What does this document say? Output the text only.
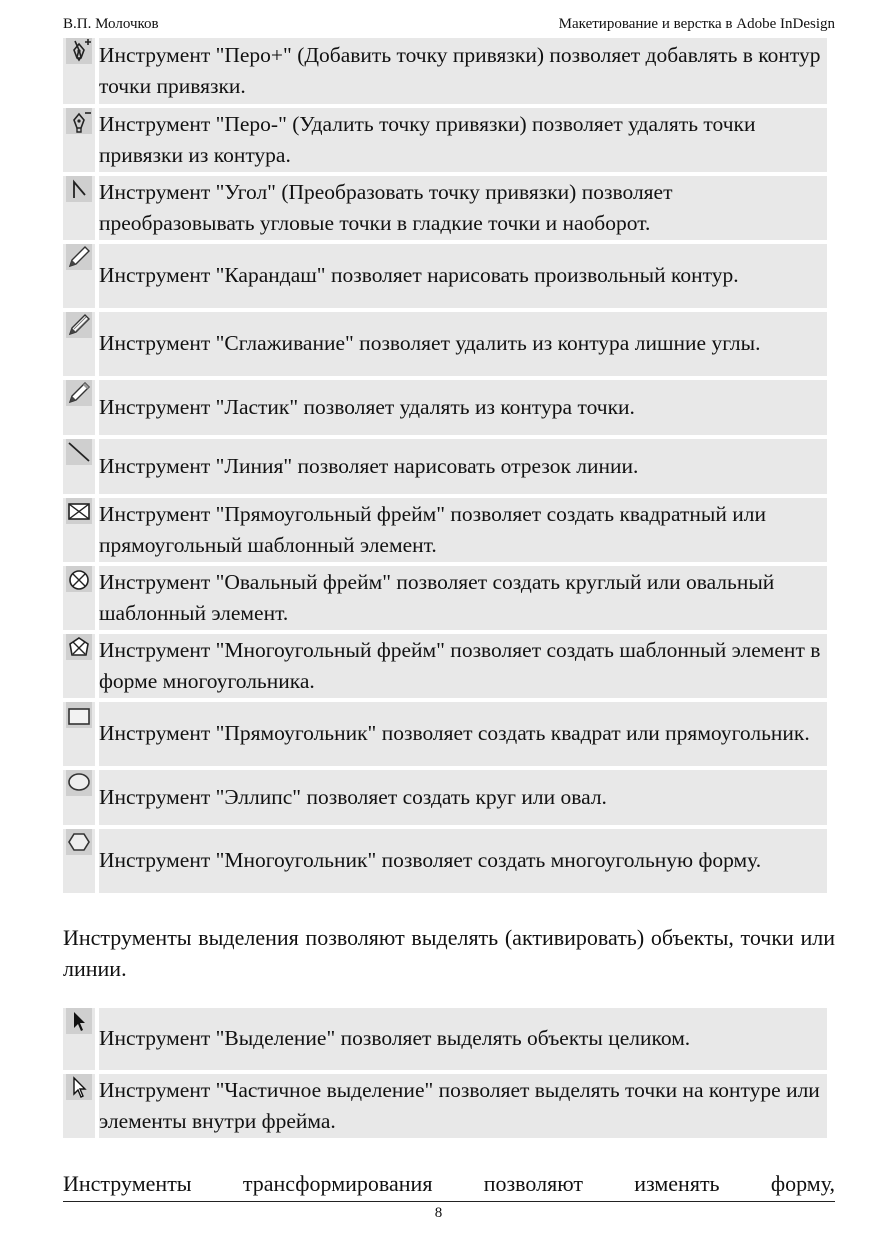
В.П. Молочков	Макетирование и верстка в Adobe InDesign
	Инструмент "Перо+" (Добавить точку привязки) позволяет добавлять в контур точки привязки.

	Инструмент "Перо-" (Удалить точку привязки) позволяет удалять точки привязки из контура.

	Инструмент "Угол" (Преобразовать точку привязки) позволяет преобразовывать угловые точки в гладкие точки и наоборот.

	Инструмент "Карандаш" позволяет нарисовать произвольный контур.

	Инструмент "Сглаживание" позволяет удалить из контура лишние углы.

	Инструмент "Ластик" позволяет удалять из контура точки.

	Инструмент "Линия" позволяет нарисовать отрезок линии.

	Инструмент "Прямоугольный фрейм" позволяет создать квадратный или прямоугольный шаблонный элемент.

	Инструмент "Овальный фрейм" позволяет создать круглый или овальный шаблонный элемент.

	Инструмент "Многоугольный фрейм" позволяет создать шаблонный элемент в форме многоугольника.

	Инструмент "Прямоугольник" позволяет создать квадрат или прямоугольник.

	Инструмент "Эллипс" позволяет создать круг или овал.

	Инструмент "Многоугольник" позволяет создать многоугольную форму.
Инструменты выделения позволяют выделять (активировать) объекты, точки или линии.
	Инструмент "Выделение" позволяет выделять объекты целиком.

	Инструмент "Частичное выделение" позволяет выделять точки на контуре или элементы внутри фрейма.
Инструменты трансформирования позволяют изменять форму,
8
